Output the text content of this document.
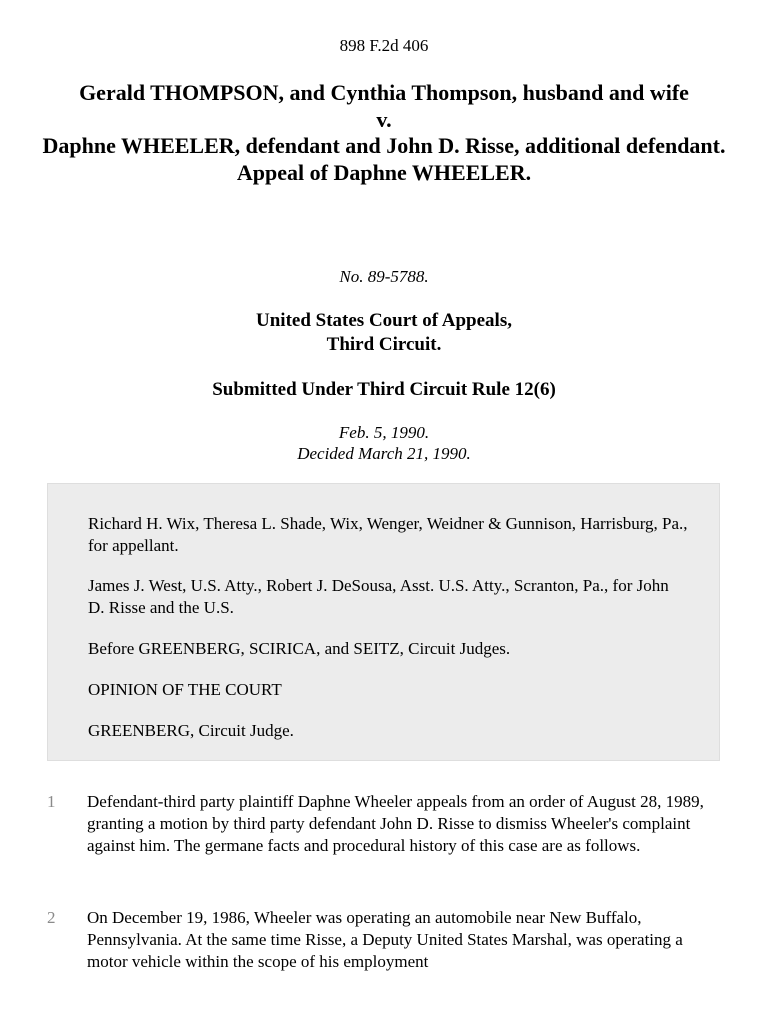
898 F.2d 406
Gerald THOMPSON, and Cynthia Thompson, husband and wife
v.
Daphne WHEELER, defendant and John D. Risse, additional defendant.
Appeal of Daphne WHEELER.
No. 89-5788.
United States Court of Appeals,
Third Circuit.
Submitted Under Third Circuit Rule 12(6)
Feb. 5, 1990.
Decided March 21, 1990.

Richard H. Wix, Theresa L. Shade, Wix, Wenger, Weidner & Gunnison, Harrisburg, Pa., for appellant.

James J. West, U.S. Atty., Robert J. DeSousa, Asst. U.S. Atty., Scranton, Pa., for John D. Risse and the U.S.

Before GREENBERG, SCIRICA, and SEITZ, Circuit Judges.

OPINION OF THE COURT

GREENBERG, Circuit Judge.

1 Defendant-third party plaintiff Daphne Wheeler appeals from an order of August 28, 1989, granting a motion by third party defendant John D. Risse to dismiss Wheeler's complaint against him. The germane facts and procedural history of this case are as follows.
2 On December 19, 1986, Wheeler was operating an automobile near New Buffalo, Pennsylvania. At the same time Risse, a Deputy United States Marshal, was operating a motor vehicle within the scope of his employment
